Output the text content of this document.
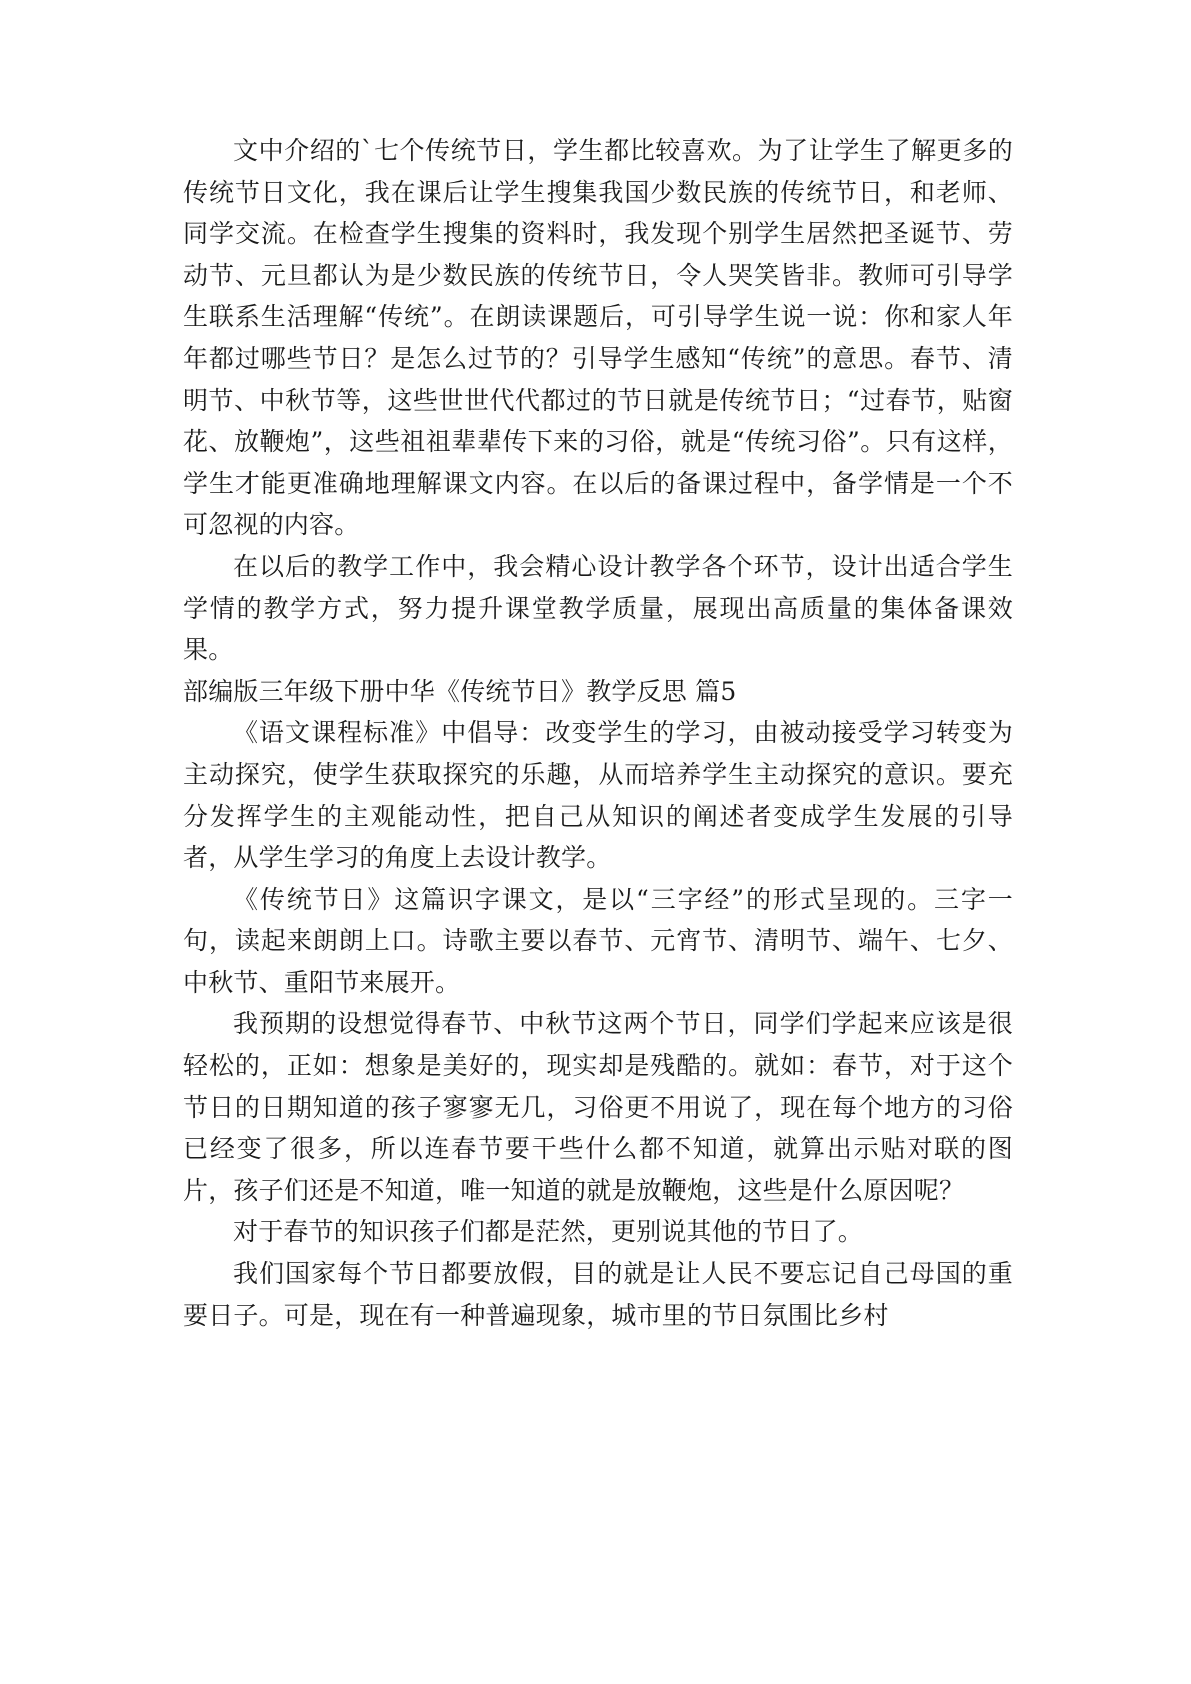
文中介绍的`七个传统节日，学生都比较喜欢。为了让学生了解更多的传统节日文化，我在课后让学生搜集我国少数民族的传统节日，和老师、同学交流。在检查学生搜集的资料时，我发现个别学生居然把圣诞节、劳动节、元旦都认为是少数民族的传统节日，令人哭笑皆非。教师可引导学生联系生活理解“传统”。在朗读课题后，可引导学生说一说：你和家人年年都过哪些节日？是怎么过节的？引导学生感知“传统”的意思。春节、清明节、中秋节等，这些世世代代都过的节日就是传统节日；“过春节，贴窗花、放鞭炮”，这些祖祖辈辈传下来的习俗，就是“传统习俗”。只有这样，学生才能更准确地理解课文内容。在以后的备课过程中，备学情是一个不可忽视的内容。

在以后的教学工作中，我会精心设计教学各个环节，设计出适合学生学情的教学方式，努力提升课堂教学质量，展现出高质量的集体备课效果。

部编版三年级下册中华《传统节日》教学反思 篇5

《语文课程标准》中倡导：改变学生的学习，由被动接受学习转变为主动探究，使学生获取探究的乐趣，从而培养学生主动探究的意识。要充分发挥学生的主观能动性，把自己从知识的阐述者变成学生发展的引导者，从学生学习的角度上去设计教学。

《传统节日》这篇识字课文，是以“三字经”的形式呈现的。三字一句，读起来朗朗上口。诗歌主要以春节、元宵节、清明节、端午、七夕、中秋节、重阳节来展开。

我预期的设想觉得春节、中秋节这两个节日，同学们学起来应该是很轻松的，正如：想象是美好的，现实却是残酷的。就如：春节，对于这个节日的日期知道的孩子寥寥无几，习俗更不用说了，现在每个地方的习俗已经变了很多，所以连春节要干些什么都不知道，就算出示贴对联的图片，孩子们还是不知道，唯一知道的就是放鞭炮，这些是什么原因呢？

对于春节的知识孩子们都是茫然，更别说其他的节日了。

我们国家每个节日都要放假，目的就是让人民不要忘记自己母国的重要日子。可是，现在有一种普遍现象，城市里的节日氛围比乡村
